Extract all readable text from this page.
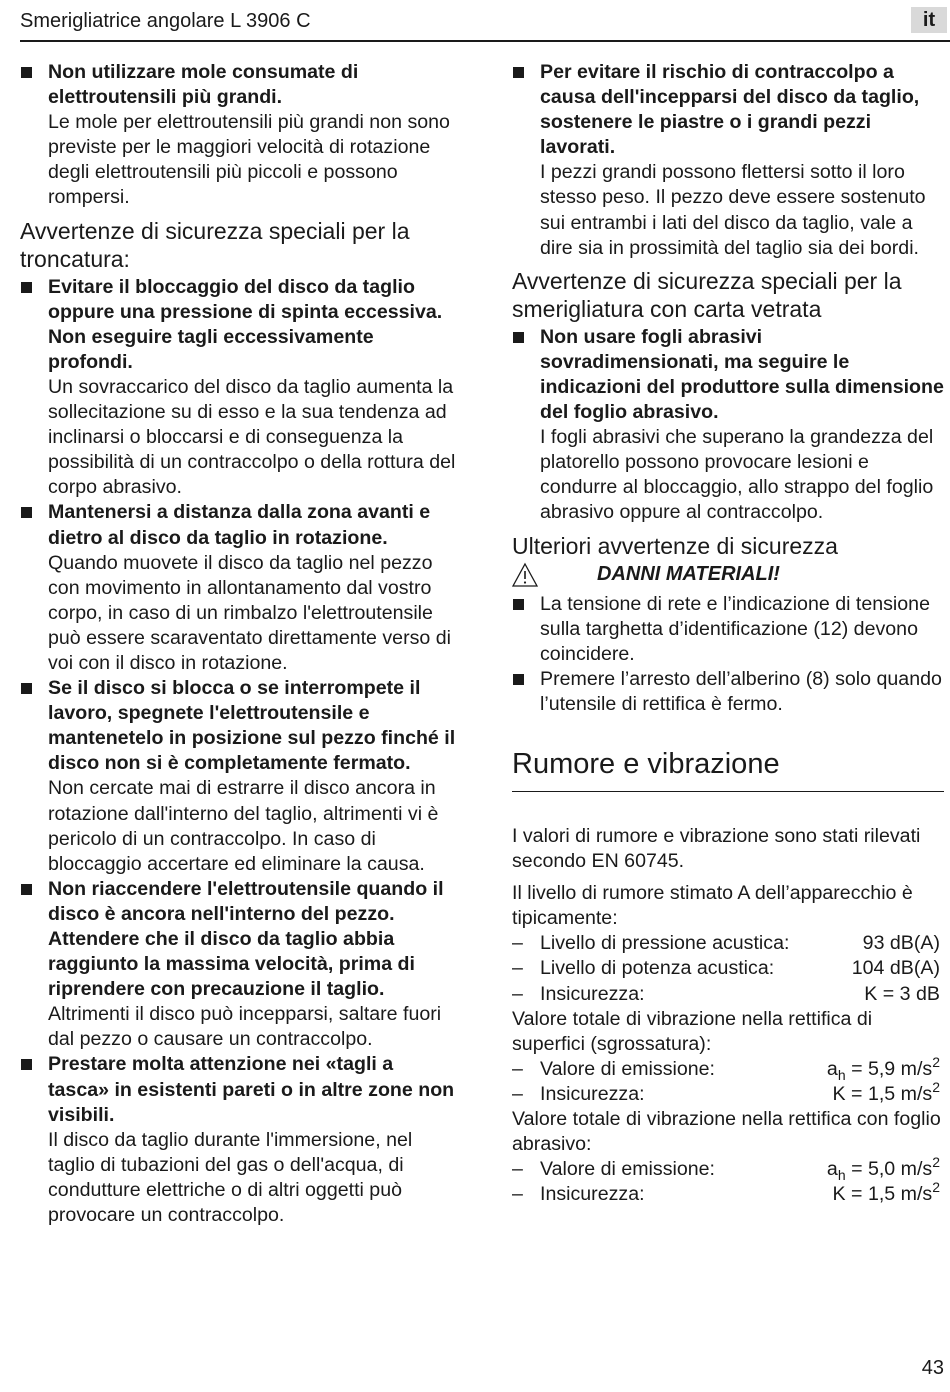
Smerigliatrice angolare L 3906 C	it
Non utilizzare mole consumate di elettroutensili più grandi.
Le mole per elettroutensili più grandi non sono previste per le maggiori velocità di rotazione degli elettroutensili più piccoli e possono rompersi.
Avvertenze di sicurezza speciali per la troncatura:
Evitare il bloccaggio del disco da taglio oppure una pressione di spinta eccessiva. Non eseguire tagli eccessivamente profondi.
Un sovraccarico del disco da taglio aumenta la sollecitazione su di esso e la sua tendenza ad inclinarsi o bloccarsi e di conseguenza la possibilità di un contraccolpo o della rottura del corpo abrasivo.
Mantenersi a distanza dalla zona avanti e dietro al disco da taglio in rotazione.
Quando muovete il disco da taglio nel pezzo con movimento in allontanamento dal vostro corpo, in caso di un rimbalzo l'elettroutensile può essere scaraventato direttamente verso di voi con il disco in rotazione.
Se il disco si blocca o se interrompete il lavoro, spegnete l'elettroutensile e mantenetelo in posizione sul pezzo finché il disco non si è completamente fermato.
Non cercate mai di estrarre il disco ancora in rotazione dall'interno del taglio, altrimenti vi è pericolo di un contraccolpo. In caso di bloccaggio accertare ed eliminare la causa.
Non riaccendere l'elettroutensile quando il disco è ancora nell'interno del pezzo. Attendere che il disco da taglio abbia raggiunto la massima velocità, prima di riprendere con precauzione il taglio.
Altrimenti il disco può incepparsi, saltare fuori dal pezzo o causare un contraccolpo.
Prestare molta attenzione nei «tagli a tasca» in esistenti pareti o in altre zone non visibili.
Il disco da taglio durante l'immersione, nel taglio di tubazioni del gas o dell'acqua, di condutture elettriche o di altri oggetti può provocare un contraccolpo.
Per evitare il rischio di contraccolpo a causa dell'incepparsi del disco da taglio, sostenere le piastre o i grandi pezzi lavorati.
I pezzi grandi possono flettersi sotto il loro stesso peso. Il pezzo deve essere sostenuto sui entrambi i lati del disco da taglio, vale a dire sia in prossimità del taglio sia dei bordi.
Avvertenze di sicurezza speciali per la smerigliatura con carta vetrata
Non usare fogli abrasivi sovradimensionati, ma seguire le indicazioni del produttore sulla dimensione del foglio abrasivo.
I fogli abrasivi che superano la grandezza del platorello possono provocare lesioni e condurre al bloccaggio, allo strappo del foglio abrasivo oppure al contraccolpo.
Ulteriori avvertenze di sicurezza
DANNI MATERIALI!
La tensione di rete e l’indicazione di tensione sulla targhetta d’identificazione (12) devono coincidere.
Premere l’arresto dell’alberino (8) solo quando l’utensile di rettifica è fermo.
Rumore e vibrazione
I valori di rumore e vibrazione sono stati rilevati secondo EN 60745.
Il livello di rumore stimato A dell’apparecchio è tipicamente:
– Livello di pressione acustica:	93 dB(A)
– Livello di potenza acustica:	104 dB(A)
– Insicurezza:	K = 3 dB
Valore totale di vibrazione nella rettifica di superfici (sgrossatura):
– Valore di emissione:	$a_h = 5,9$ $m/s^2$
– Insicurezza:	K = 1,5 $m/s^2$
Valore totale di vibrazione nella rettifica con foglio abrasivo:
– Valore di emissione:	$a_h = 5,0$ $m/s^2$
– Insicurezza:	K = 1,5 $m/s^2$
43
